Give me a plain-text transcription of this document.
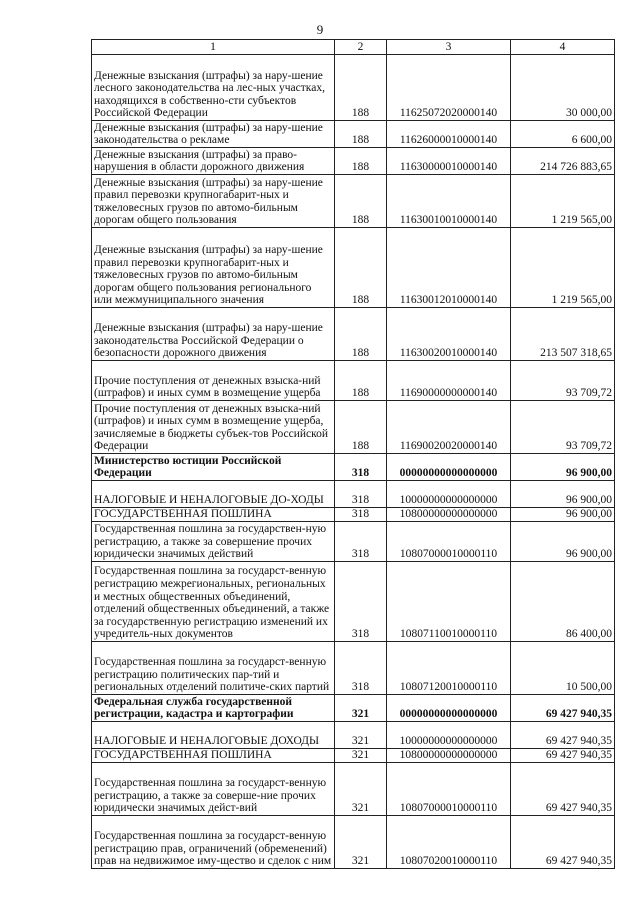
9
1	2	3	4
Денежные взыскания (штрафы) за нару-шение лесного законодательства на лес-ных участках, находящихся в собственно-сти субъектов Российской Федерации	188	11625072020000140	30 000,00
Денежные взыскания (штрафы) за нару-шение законодательства о рекламе	188	11626000010000140	6 600,00
Денежные взыскания (штрафы) за право-нарушения в области дорожного движения	188	11630000010000140	214 726 883,65
Денежные взыскания (штрафы) за нару-шение правил перевозки крупногабарит-ных и тяжеловесных грузов по автомо-бильным дорогам общего пользования	188	11630010010000140	1 219 565,00
Денежные взыскания (штрафы) за нару-шение правил перевозки крупногабарит-ных и тяжеловесных грузов по автомо-бильным дорогам общего пользования регионального или межмуниципального значения	188	11630012010000140	1 219 565,00
Денежные взыскания (штрафы) за нару-шение законодательства Российской Федерации о безопасности дорожного движения	188	11630020010000140	213 507 318,65
Прочие поступления от денежных взыска-ний (штрафов) и иных сумм в возмещение ущерба	188	11690000000000140	93 709,72
Прочие поступления от денежных взыска-ний (штрафов) и иных сумм в возмещение ущерба, зачисляемые в бюджеты субъек-тов Российской Федерации	188	11690020020000140	93 709,72
Министерство юстиции Российской Федерации	318	00000000000000000	96 900,00
НАЛОГОВЫЕ И НЕНАЛОГОВЫЕ ДО-ХОДЫ	318	10000000000000000	96 900,00
ГОСУДАРСТВЕННАЯ ПОШЛИНА	318	10800000000000000	96 900,00
Государственная пошлина за государствен-ную регистрацию, а также за совершение прочих юридически значимых действий	318	10807000010000110	96 900,00
Государственная пошлина за государст-венную регистрацию межрегиональных, региональных и местных общественных объединений, отделений общественных объединений, а также за государственную регистрацию изменений их учредитель-ных документов	318	10807110010000110	86 400,00
Государственная пошлина за государст-венную регистрацию политических пар-тий и региональных отделений политиче-ских партий	318	10807120010000110	10 500,00
Федеральная служба государственной регистрации, кадастра и картографии	321	00000000000000000	69 427 940,35
НАЛОГОВЫЕ И НЕНАЛОГОВЫЕ ДОХОДЫ	321	10000000000000000	69 427 940,35
ГОСУДАРСТВЕННАЯ ПОШЛИНА	321	10800000000000000	69 427 940,35
Государственная пошлина за государст-венную регистрацию, а также за соверше-ние прочих юридически значимых дейст-вий	321	10807000010000110	69 427 940,35
Государственная пошлина за государст-венную регистрацию прав, ограничений (обременений) прав на недвижимое иму-щество и сделок с ним	321	10807020010000110	69 427 940,35
